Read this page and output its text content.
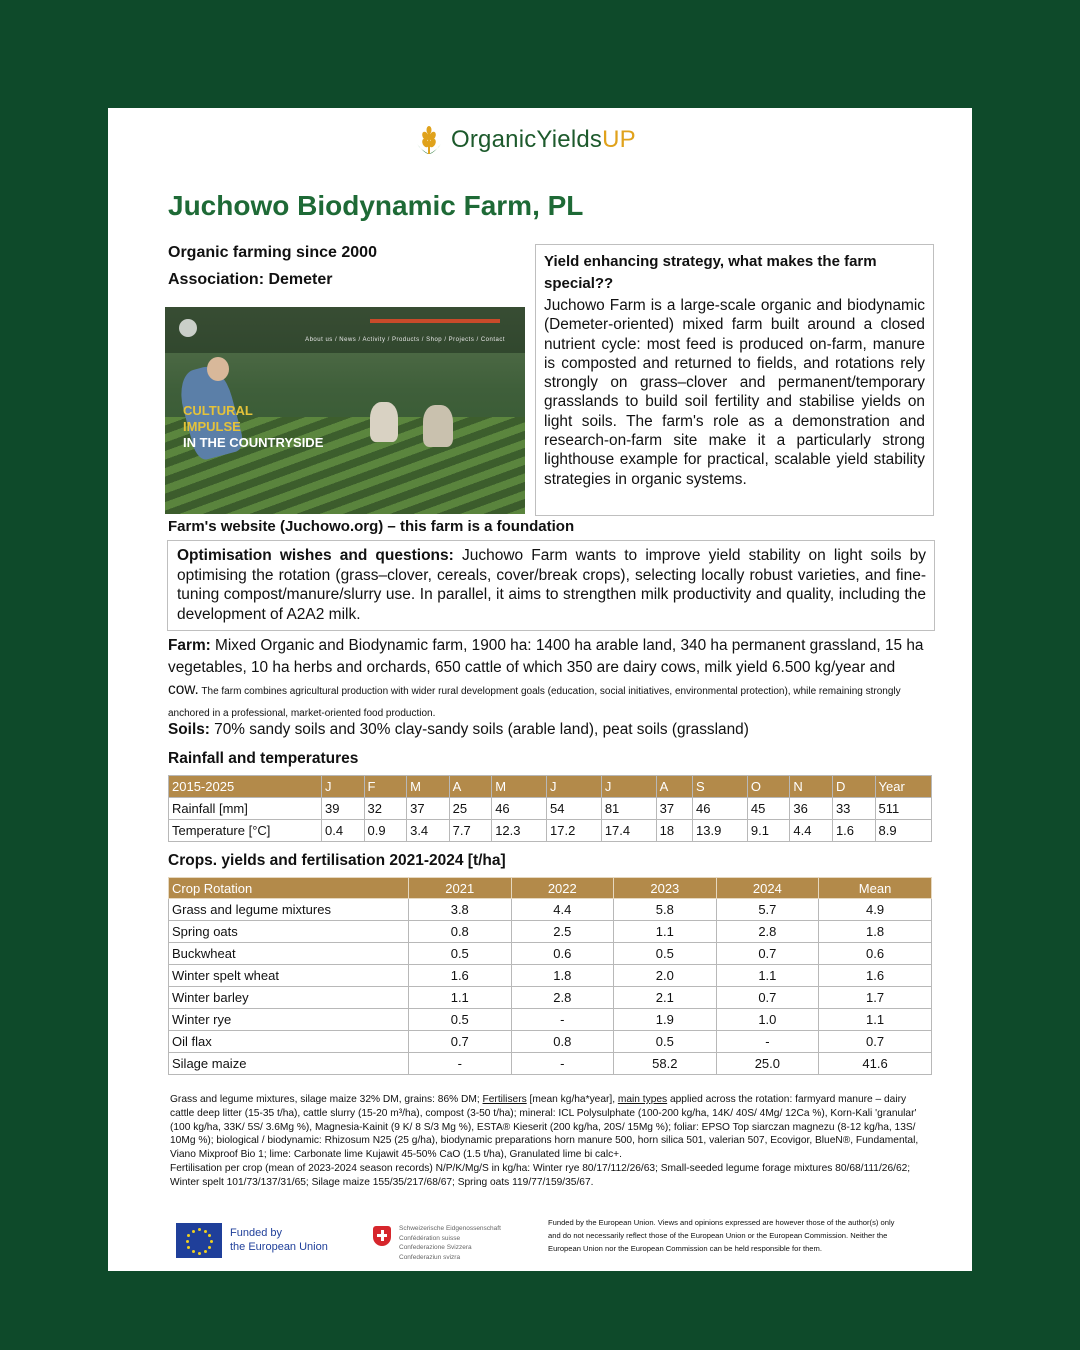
OrganicYieldsUP
Juchowo Biodynamic Farm, PL
Organic farming since 2000
Association: Demeter
About us / News / Activity / Products / Shop / Projects / Contact
CULTURAL
IMPULSE
IN THE COUNTRYSIDE
Farm's website (Juchowo.org) – this farm is a foundation
Yield enhancing strategy, what makes the farm special??

Juchowo Farm is a large-scale organic and biodynamic (Demeter-oriented) mixed farm built around a closed nutrient cycle: most feed is produced on-farm, manure is composted and returned to fields, and rotations rely strongly on grass–clover and permanent/temporary grasslands to build soil fertility and stabilise yields on light soils. The farm's role as a demonstration and research-on-farm site make it a particularly strong lighthouse example for practical, scalable yield stability strategies in organic systems.

Optimisation wishes and questions: Juchowo Farm wants to improve yield stability on light soils by optimising the rotation (grass–clover, cereals, cover/break crops), selecting locally robust varieties, and fine-tuning compost/manure/slurry use. In parallel, it aims to strengthen milk productivity and quality, including the development of A2A2 milk.

Farm: Mixed Organic and Biodynamic farm, 1900 ha: 1400 ha arable land, 340 ha permanent grassland, 15 ha vegetables, 10 ha herbs and orchards, 650 cattle of which 350 are dairy cows, milk yield 6.500 kg/year and cow. The farm combines agricultural production with wider rural development goals (education, social initiatives, environmental protection), while remaining strongly anchored in a professional, market-oriented food production.
Soils: 70% sandy soils and 30% clay-sandy soils (arable land), peat soils (grassland)
Rainfall and temperatures
2015-2025	J	F	M	A	M	J	J	A	S	O	N	D	Year
Rainfall [mm]	39	32	37	25	46	54	81	37	46	45	36	33	511
Temperature [°C]	0.4	0.9	3.4	7.7	12.3	17.2	17.4	18	13.9	9.1	4.4	1.6	8.9
Crops. yields and fertilisation 2021-2024 [t/ha]
Crop Rotation	2021	2022	2023	2024	Mean
Grass and legume mixtures	3.8	4.4	5.8	5.7	4.9
Spring oats	0.8	2.5	1.1	2.8	1.8
Buckwheat	0.5	0.6	0.5	0.7	0.6
Winter spelt wheat	1.6	1.8	2.0	1.1	1.6
Winter barley	1.1	2.8	2.1	0.7	1.7
Winter rye	0.5	-	1.9	1.0	1.1
Oil flax	0.7	0.8	0.5	-	0.7
Silage maize	-	-	58.2	25.0	41.6

Grass and legume mixtures, silage maize 32% DM, grains: 86% DM; Fertilisers [mean kg/ha*year], main types applied across the rotation: farmyard manure – dairy cattle deep litter (15-35 t/ha), cattle slurry (15-20 m³/ha), compost (3-50 t/ha); mineral: ICL Polysulphate (100-200 kg/ha, 14K/ 40S/ 4Mg/ 12Ca %), Korn-Kali 'granular' (100 kg/ha, 33K/ 5S/ 3.6Mg %), Magnesia-Kainit (9 K/ 8 S/3 Mg %), ESTA® Kieserit (200 kg/ha, 20S/ 15Mg %); foliar: EPSO Top siarczan magnezu (8-12 kg/ha, 13S/ 10Mg %); biological / biodynamic: Rhizosum N25 (25 g/ha), biodynamic preparations horn manure 500, horn silica 501, valerian 507, Ecovigor, BlueN®, Fundamental, Viano Mixproof Bio 1; lime: Carbonate lime Kujawit 45-50% CaO (1.5 t/ha), Granulated lime bi calc+.

Fertilisation per crop (mean of 2023-2024 season records) N/P/K/Mg/S in kg/ha: Winter rye 80/17/112/26/63; Small-seeded legume forage mixtures 80/68/111/26/62; Winter spelt 101/73/137/31/65; Silage maize 155/35/217/68/67; Spring oats 119/77/159/35/67.

Funded by
the European Union
Schweizerische Eidgenossenschaft
Confédération suisse
Confederazione Svizzera
Confederaziun svizra
Funded by the European Union. Views and opinions expressed are however those of the author(s) only and do not necessarily reflect those of the European Union or the European Commission. Neither the European Union nor the European Commission can be held responsible for them.
